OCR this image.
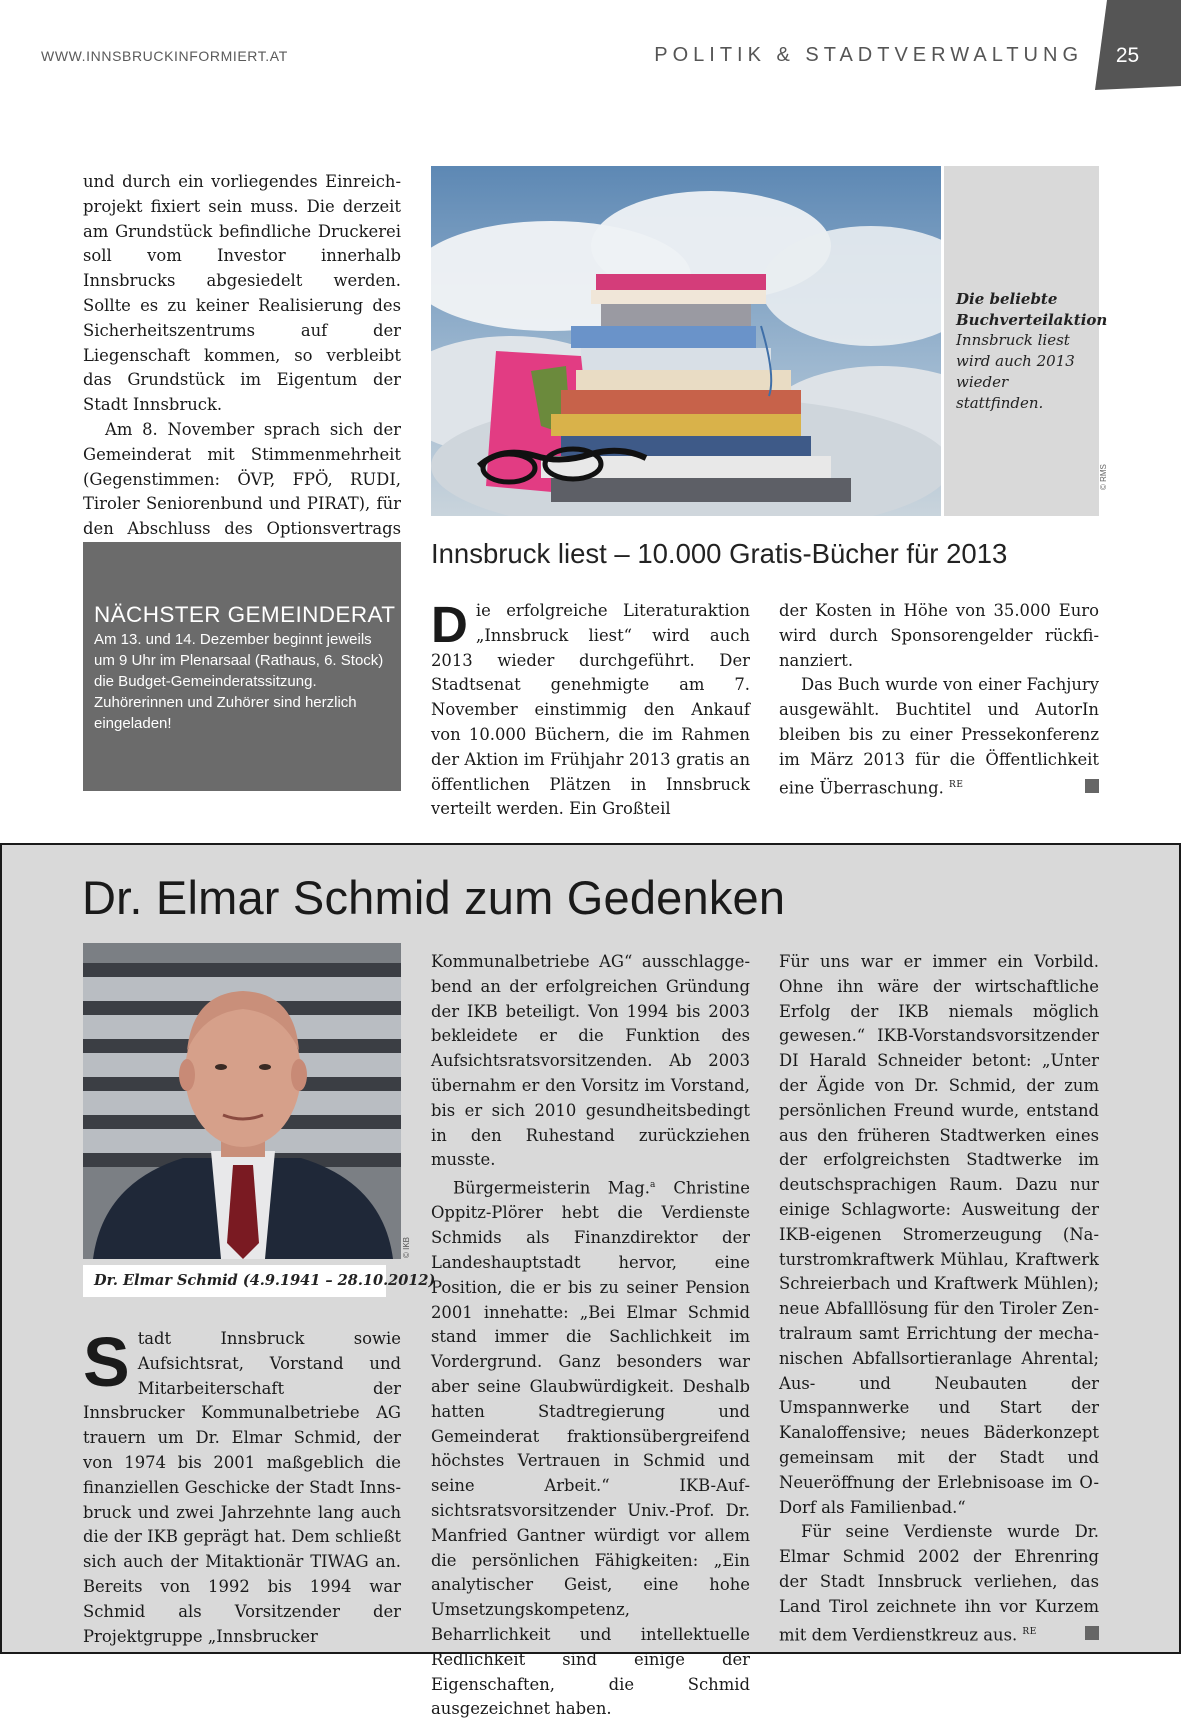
WWW.INNSBRUCKINFORMIERT.AT	POLITIK & STADTVERWALTUNG	25

und durch ein vorliegendes Einreichprojekt fixiert sein muss. Die derzeit am Grundstück befindliche Druckerei soll vom Investor innerhalb Innsbrucks abgesiedelt werden. Sollte es zu keiner Realisierung des Sicherheitszentrums auf der Liegenschaft kommen, so verbleibt das Grundstück im Eigentum der Stadt Innsbruck.

Am 8. November sprach sich der Gemeinderat mit Stimmenmehrheit (Gegenstimmen: ÖVP, FPÖ, RUDI, Tiroler Seniorenbund und PIRAT), für den Abschluss des Optionsvertrags

NÄCHSTER GEMEINDERAT
Am 13. und 14. Dezember beginnt jeweils um 9 Uhr im Plenarsaal (Rathaus, 6. Stock) die Budget-Gemeinderatssitzung. Zuhörerinnen und Zuhörer sind herzlich eingeladen!
Die beliebte Buchverteilaktion
Innsbruck liest wird auch 2013 wieder stattfinden.
© RMS
Innsbruck liest – 10.000 Gratis-Bücher für 2013

Die erfolgreiche Literaturaktion „Innsbruck liest“ wird auch 2013 wieder durchgeführt. Der Stadtsenat genehmigte am 7. November einstimmig den Ankauf von 10.000 Büchern, die im Rahmen der Aktion im Frühjahr 2013 gratis an öffentlichen Plätzen in Innsbruck verteilt werden. Ein Großteil

der Kosten in Höhe von 35.000 Euro wird durch Sponsorengelder rückfinanziert.

Das Buch wurde von einer Fachjury ausgewählt. Buchtitel und AutorIn bleiben bis zu einer Pressekonferenz im März 2013 für die Öffentlichkeit eine Überraschung. $^{RE}$

Dr. Elmar Schmid zum Gedenken
© IKB
Dr. Elmar Schmid (4.9.1941 – 28.10.2012)

Stadt Innsbruck sowie Aufsichtsrat, Vorstand und Mitarbeiterschaft der Innsbrucker Kommunalbetriebe AG trauern um Dr. Elmar Schmid, der von 1974 bis 2001 maßgeblich die finanziellen Geschicke der Stadt Innsbruck und zwei Jahrzehnte lang auch die der IKB geprägt hat. Dem schließt sich auch der Mitaktionär TIWAG an. Bereits von 1992 bis 1994 war Schmid als Vorsitzender der Projektgruppe „Innsbrucker

Kommunalbetriebe AG“ ausschlaggebend an der erfolgreichen Gründung der IKB beteiligt. Von 1994 bis 2003 bekleidete er die Funktion des Aufsichtsratsvorsitzenden. Ab 2003 übernahm er den Vorsitz im Vorstand, bis er sich 2010 gesundheitsbedingt in den Ruhestand zurückziehen musste.

Bürgermeisterin Mag.$^a$ Christine Oppitz-Plörer hebt die Verdienste Schmids als Finanzdirektor der Landeshauptstadt hervor, eine Position, die er bis zu seiner Pension 2001 innehatte: „Bei Elmar Schmid stand immer die Sachlichkeit im Vordergrund. Ganz besonders war aber seine Glaubwürdigkeit. Deshalb hatten Stadtregierung und Gemeinderat fraktionsübergreifend höchstes Vertrauen in Schmid und seine Arbeit.“ IKB-Aufsichtsratsvorsitzender Univ.-Prof. Dr. Manfried Gantner würdigt vor allem die persönlichen Fähigkeiten: „Ein analytischer Geist, eine hohe Umsetzungskompetenz, Beharrlichkeit und intellektuelle Redlichkeit sind einige der Eigenschaften, die Schmid ausgezeichnet haben.

Für uns war er immer ein Vorbild. Ohne ihn wäre der wirtschaftliche Erfolg der IKB niemals möglich gewesen.“ IKB-Vorstandsvorsitzender DI Harald Schneider betont: „Unter der Ägide von Dr. Schmid, der zum persönlichen Freund wurde, entstand aus den früheren Stadtwerken eines der erfolgreichsten Stadtwerke im deutschsprachigen Raum. Dazu nur einige Schlagworte: Ausweitung der IKB-eigenen Stromerzeugung (Naturstromkraftwerk Mühlau, Kraftwerk Schreierbach und Kraftwerk Mühlen); neue Abfalllösung für den Tiroler Zentralraum samt Errichtung der mechanischen Abfallsortieranlage Ahrental; Aus- und Neubauten der Umspannwerke und Start der Kanaloffensive; neues Bäderkonzept gemeinsam mit der Stadt und Neueröffnung der Erlebnisoase im O-Dorf als Familienbad.“

Für seine Verdienste wurde Dr. Elmar Schmid 2002 der Ehrenring der Stadt Innsbruck verliehen, das Land Tirol zeichnete ihn vor Kurzem mit dem Verdienstkreuz aus. $^{RE}$
